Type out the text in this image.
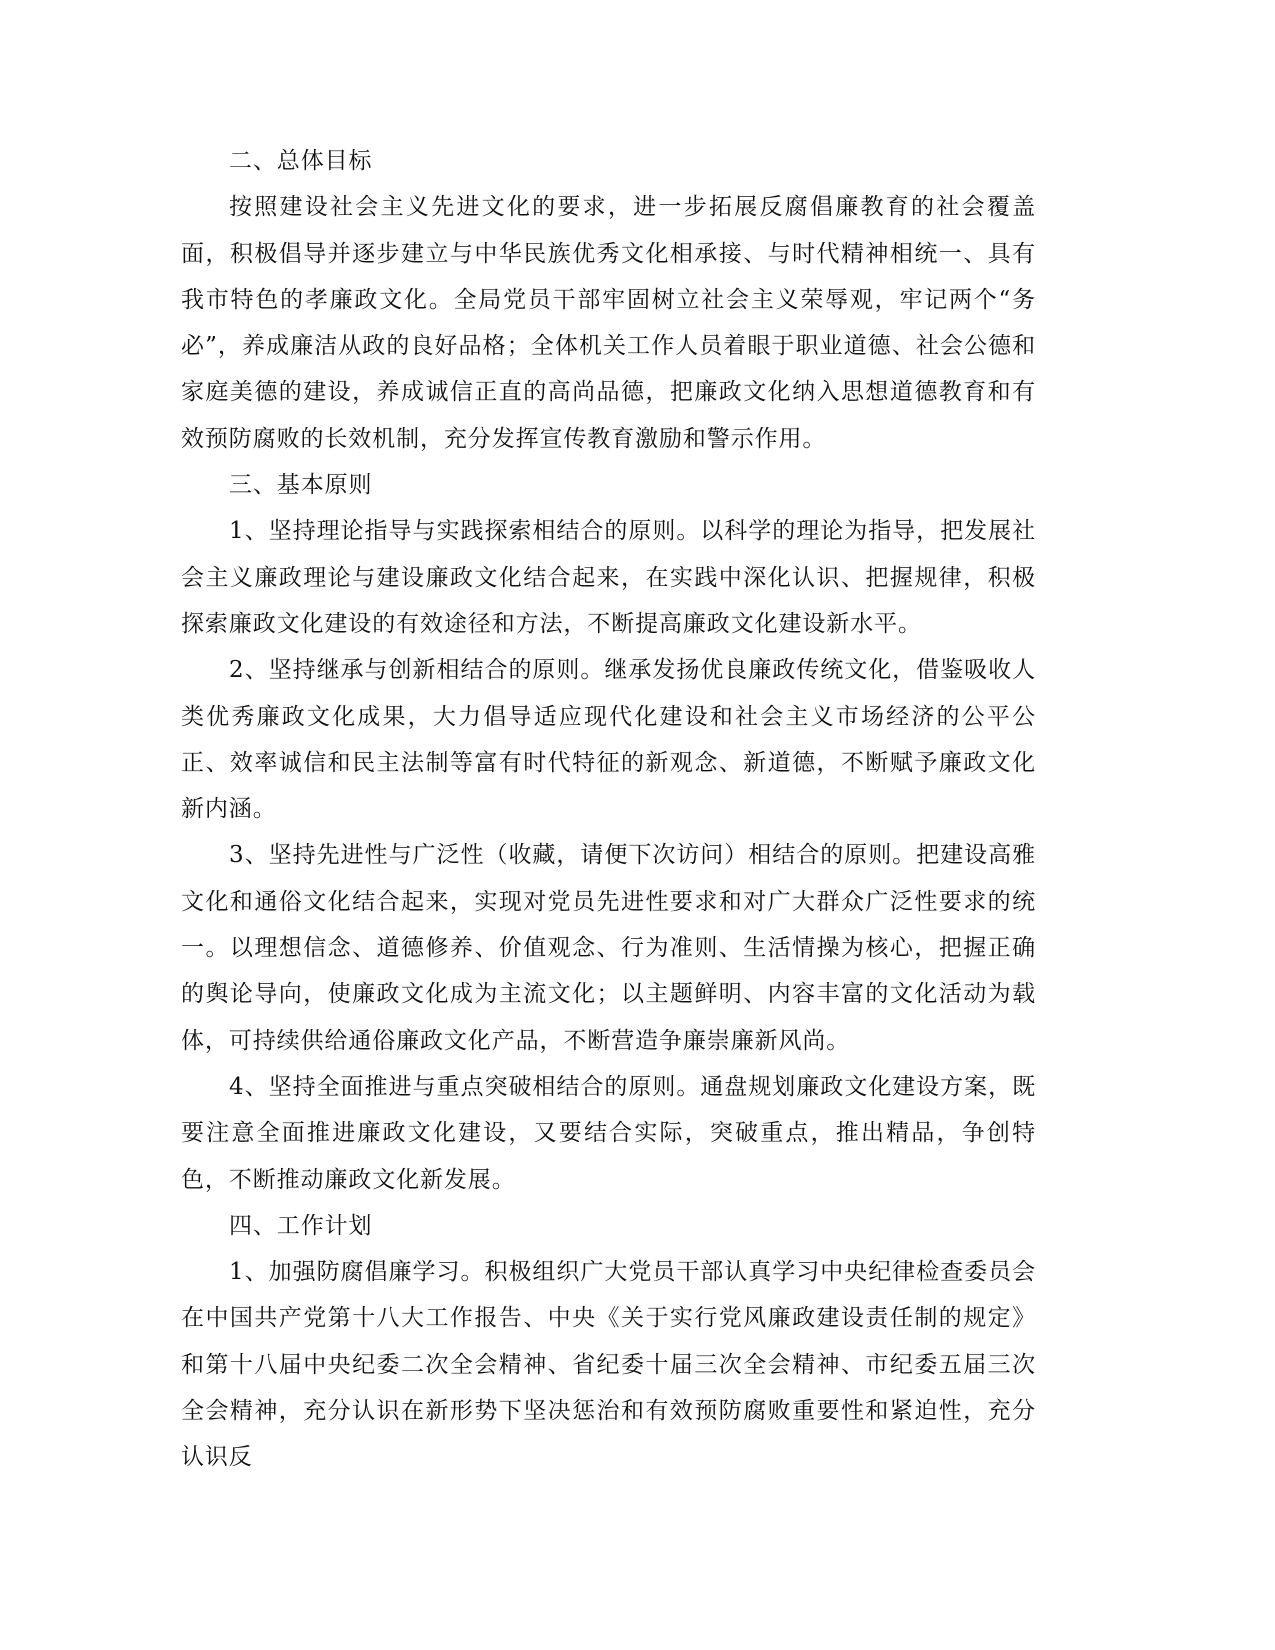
二、总体目标

按照建设社会主义先进文化的要求，进一步拓展反腐倡廉教育的社会覆盖面，积极倡导并逐步建立与中华民族优秀文化相承接、与时代精神相统一、具有我市特色的孝廉政文化。全局党员干部牢固树立社会主义荣辱观，牢记两个“务必”，养成廉洁从政的良好品格；全体机关工作人员着眼于职业道德、社会公德和家庭美德的建设，养成诚信正直的高尚品德，把廉政文化纳入思想道德教育和有效预防腐败的长效机制，充分发挥宣传教育激励和警示作用。

三、基本原则

1、坚持理论指导与实践探索相结合的原则。以科学的理论为指导，把发展社会主义廉政理论与建设廉政文化结合起来，在实践中深化认识、把握规律，积极探索廉政文化建设的有效途径和方法，不断提高廉政文化建设新水平。

2、坚持继承与创新相结合的原则。继承发扬优良廉政传统文化，借鉴吸收人类优秀廉政文化成果，大力倡导适应现代化建设和社会主义市场经济的公平公正、效率诚信和民主法制等富有时代特征的新观念、新道德，不断赋予廉政文化新内涵。

3、坚持先进性与广泛性（收藏，请便下次访问）相结合的原则。把建设高雅文化和通俗文化结合起来，实现对党员先进性要求和对广大群众广泛性要求的统一。以理想信念、道德修养、价值观念、行为准则、生活情操为核心，把握正确的舆论导向，使廉政文化成为主流文化；以主题鲜明、内容丰富的文化活动为载体，可持续供给通俗廉政文化产品，不断营造争廉崇廉新风尚。

4、坚持全面推进与重点突破相结合的原则。通盘规划廉政文化建设方案，既要注意全面推进廉政文化建设，又要结合实际，突破重点，推出精品，争创特色，不断推动廉政文化新发展。

四、工作计划

1、加强防腐倡廉学习。积极组织广大党员干部认真学习中央纪律检查委员会在中国共产党第十八大工作报告、中央《关于实行党风廉政建设责任制的规定》和第十八届中央纪委二次全会精神、省纪委十届三次全会精神、市纪委五届三次全会精神，充分认识在新形势下坚决惩治和有效预防腐败重要性和紧迫性，充分认识反
